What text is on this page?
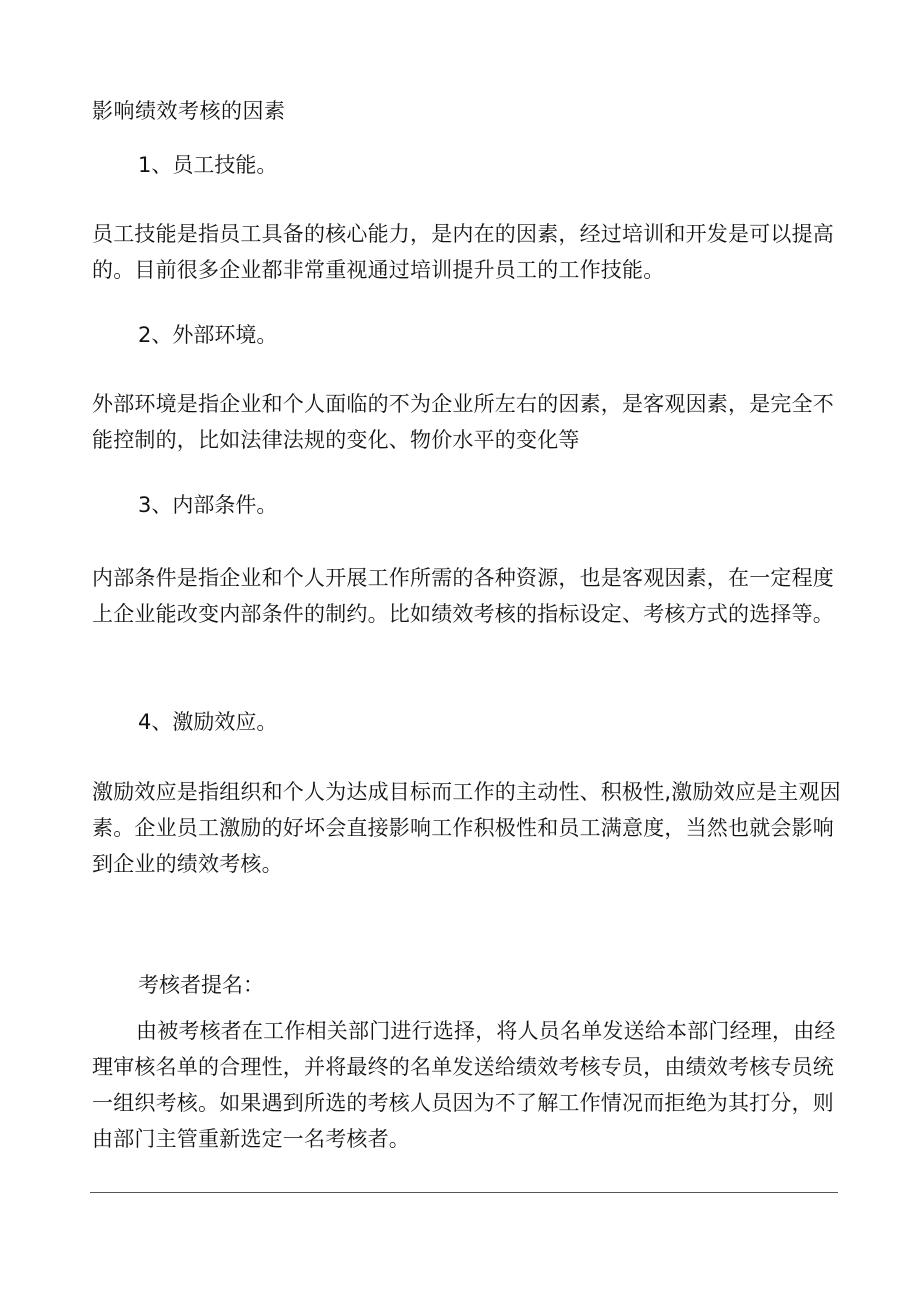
影响绩效考核的因素
1、员工技能。
员工技能是指员工具备的核心能力，是内在的因素，经过培训和开发是可以提高的。目前很多企业都非常重视通过培训提升员工的工作技能。
2、外部环境。
外部环境是指企业和个人面临的不为企业所左右的因素，是客观因素，是完全不能控制的，比如法律法规的变化、物价水平的变化等
3、内部条件。
内部条件是指企业和个人开展工作所需的各种资源，也是客观因素，在一定程度上企业能改变内部条件的制约。比如绩效考核的指标设定、考核方式的选择等。
4、激励效应。
激励效应是指组织和个人为达成目标而工作的主动性、积极性,激励效应是主观因素。企业员工激励的好坏会直接影响工作积极性和员工满意度，当然也就会影响到企业的绩效考核。
考核者提名：
由被考核者在工作相关部门进行选择，将人员名单发送给本部门经理，由经理审核名单的合理性，并将最终的名单发送给绩效考核专员，由绩效考核专员统一组织考核。如果遇到所选的考核人员因为不了解工作情况而拒绝为其打分，则由部门主管重新选定一名考核者。
